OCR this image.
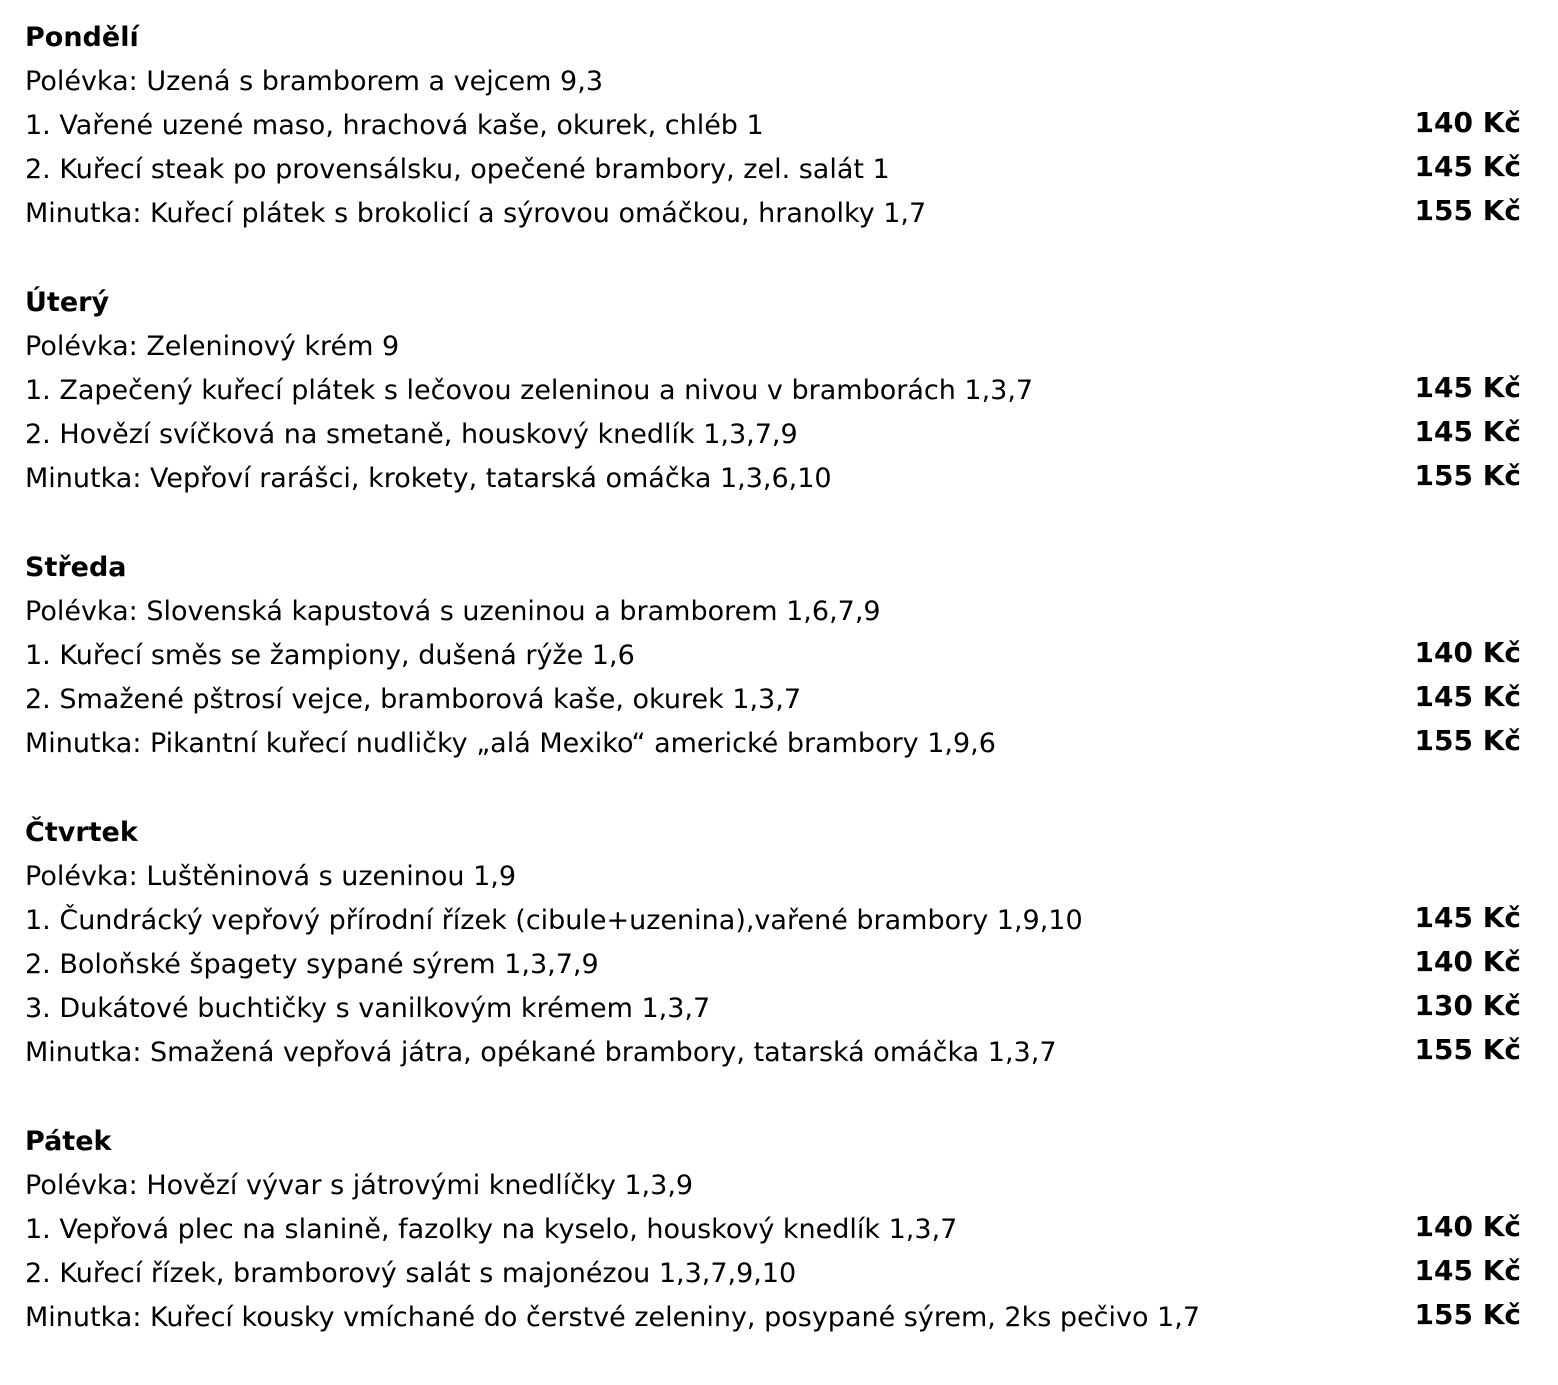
Pondělí
Polévka: Uzená s bramborem a vejcem 9,3
1. Vařené uzené maso, hrachová kaše, okurek, chléb 1	140 Kč
2. Kuřecí steak po provensálsku, opečené brambory, zel. salát 1	145 Kč
Minutka: Kuřecí plátek s brokolicí a sýrovou omáčkou, hranolky 1,7	155 Kč
Úterý
Polévka: Zeleninový krém 9
1. Zapečený kuřecí plátek s lečovou zeleninou a nivou v bramborách 1,3,7	145 Kč
2. Hovězí svíčková na smetaně, houskový knedlík 1,3,7,9	145 Kč
Minutka: Vepřoví rarášci, krokety, tatarská omáčka 1,3,6,10	155 Kč
Středa
Polévka: Slovenská kapustová s uzeninou a bramborem 1,6,7,9
1. Kuřecí směs se žampiony, dušená rýže 1,6	140 Kč
2. Smažené pštrosí vejce, bramborová kaše, okurek 1,3,7	145 Kč
Minutka: Pikantní kuřecí nudličky „alá Mexiko“ americké brambory 1,9,6	155 Kč
Čtvrtek
Polévka: Luštěninová s uzeninou 1,9
1. Čundrácký vepřový přírodní řízek (cibule+uzenina),vařené brambory 1,9,10	145 Kč
2. Boloňské špagety sypané sýrem 1,3,7,9	140 Kč
3. Dukátové buchtičky s vanilkovým krémem 1,3,7	130 Kč
Minutka: Smažená vepřová játra, opékané brambory, tatarská omáčka 1,3,7	155 Kč
Pátek
Polévka: Hovězí vývar s játrovými knedlíčky 1,3,9
1. Vepřová plec na slanině, fazolky na kyselo, houskový knedlík 1,3,7	140 Kč
2. Kuřecí řízek, bramborový salát s majonézou 1,3,7,9,10	145 Kč
Minutka: Kuřecí kousky vmíchané do čerstvé zeleniny, posypané sýrem, 2ks pečivo 1,7	155 Kč
